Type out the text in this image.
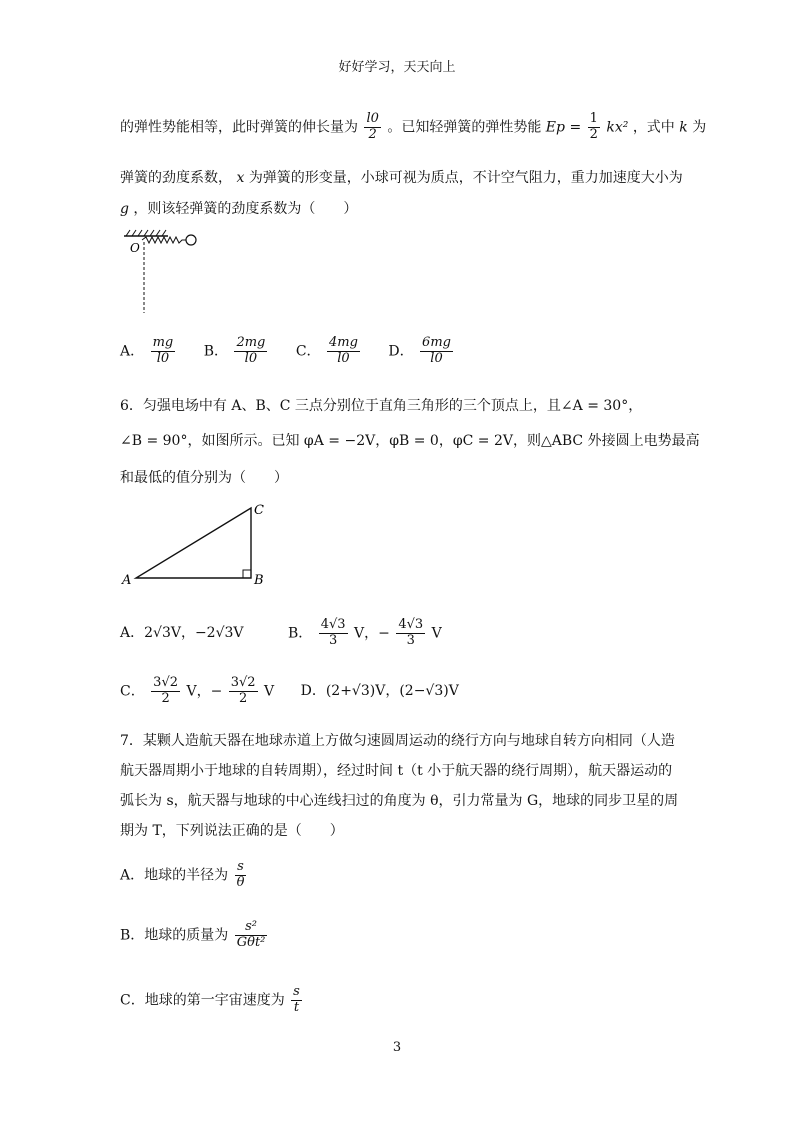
好好学习，天天向上
的弹性势能相等，此时弹簧的伸长量为 $\frac{l0}{2}$ 。已知轻弹簧的弹性势能 $Ep = \frac{1}{2} kx^2$ ，式中 k 为
弹簧的劲度系数， x 为弹簧的形变量，小球可视为质点，不计空气阻力，重力加速度大小为
g ，则该轻弹簧的劲度系数为（　　）
O
A． $\frac{mg}{l0}$ B． $\frac{2mg}{l0}$ C． $\frac{4mg}{l0}$ D． $\frac{6mg}{l0}$
6．匀强电场中有 A、B、C 三点分别位于直角三角形的三个顶点上，且∠A = 30°，
∠B = 90°，如图所示。已知 φA = −2V，φB = 0，φC = 2V，则△ABC 外接圆上电势最高
和最低的值分别为（　　）
A	B
C
A．2√3V，−2√3V	B． $\frac{4√3}{3}$ V，− $\frac{4√3}{3}$ V
C． $\frac{3√2}{2}$ V，− $\frac{3√2}{2}$ V D．(2+√3)V，(2−√3)V
7．某颗人造航天器在地球赤道上方做匀速圆周运动的绕行方向与地球自转方向相同（人造
航天器周期小于地球的自转周期），经过时间 t（t 小于航天器的绕行周期），航天器运动的
弧长为 s，航天器与地球的中心连线扫过的角度为 θ，引力常量为 G，地球的同步卫星的周
期为 T，下列说法正确的是（　　）
A．地球的半径为 $\frac{s}{\theta}$
B．地球的质量为 $\frac{\text{s²}}{\text{Gθt²}}$
C．地球的第一宇宙速度为 $\frac{s}{t}$
3
